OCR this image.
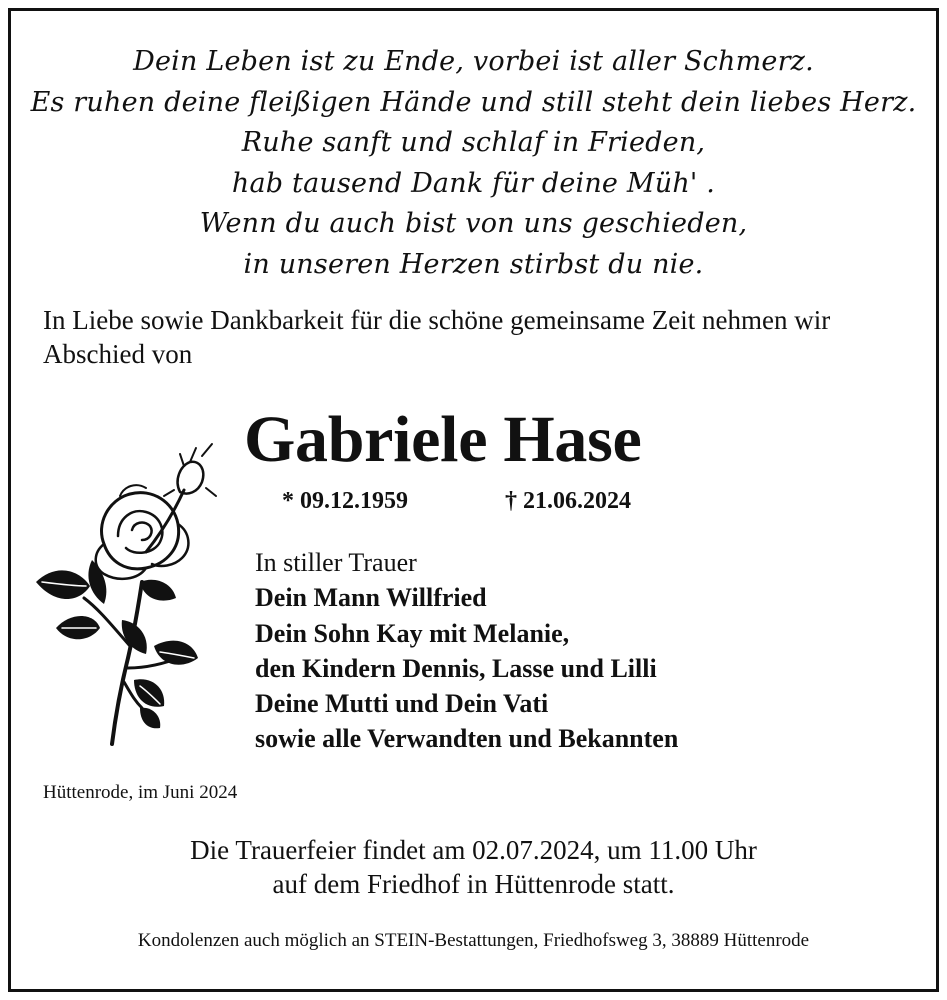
Dein Leben ist zu Ende, vorbei ist aller Schmerz.
Es ruhen deine fleißigen Hände und still steht dein liebes Herz.
Ruhe sanft und schlaf in Frieden,
hab tausend Dank für deine Müh' .
Wenn du auch bist von uns geschieden,
in unseren Herzen stirbst du nie.
In Liebe sowie Dankbarkeit für die schöne gemeinsame Zeit nehmen wir Abschied von
Gabriele Hase
* 09.12.1959	† 21.06.2024
In stiller Trauer
Dein Mann Willfried
Dein Sohn Kay mit Melanie,
den Kindern Dennis, Lasse und Lilli
Deine Mutti und Dein Vati
sowie alle Verwandten und Bekannten
Hüttenrode, im Juni 2024
Die Trauerfeier findet am 02.07.2024, um 11.00 Uhr
auf dem Friedhof in Hüttenrode statt.
Kondolenzen auch möglich an STEIN-Bestattungen, Friedhofsweg 3, 38889 Hüttenrode
